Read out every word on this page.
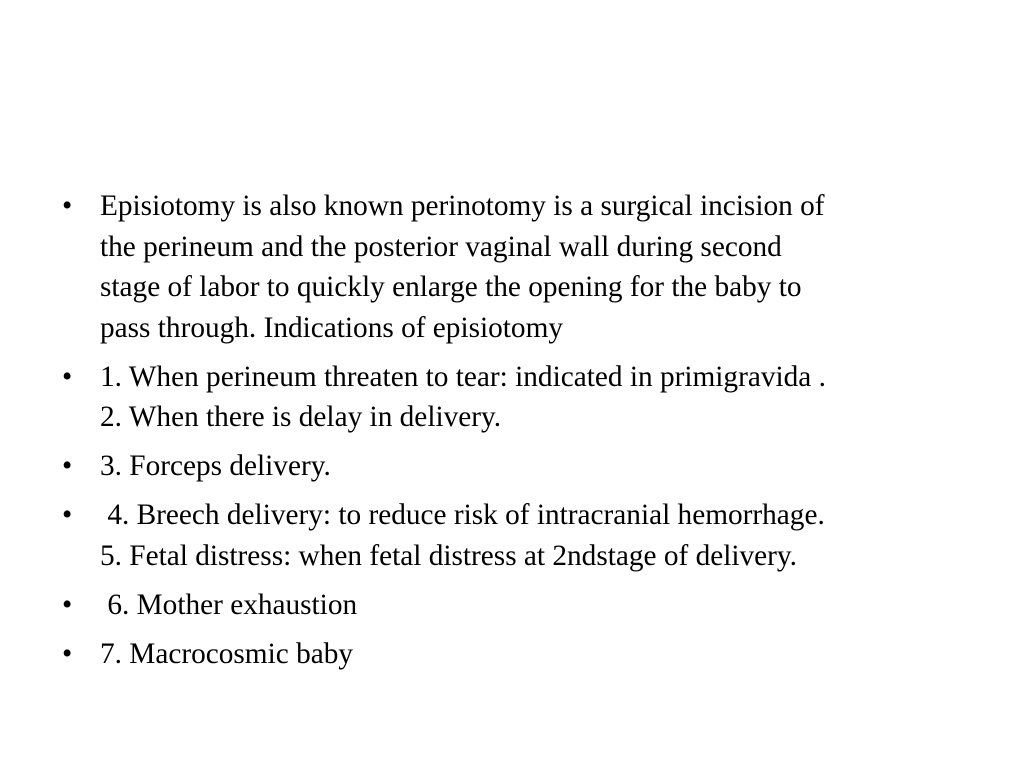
• Episiotomy is also known perinotomy is a surgical incision of
the perineum and the posterior vaginal wall during second
stage of labor to quickly enlarge the opening for the baby to
pass through. Indications of episiotomy
• 1. When perineum threaten to tear: indicated in primigravida .
2. When there is delay in delivery.
• 3. Forceps delivery.
• 4. Breech delivery: to reduce risk of intracranial hemorrhage.
5. Fetal distress: when fetal distress at 2ndstage of delivery.
• 6. Mother exhaustion
• 7. Macrocosmic baby
